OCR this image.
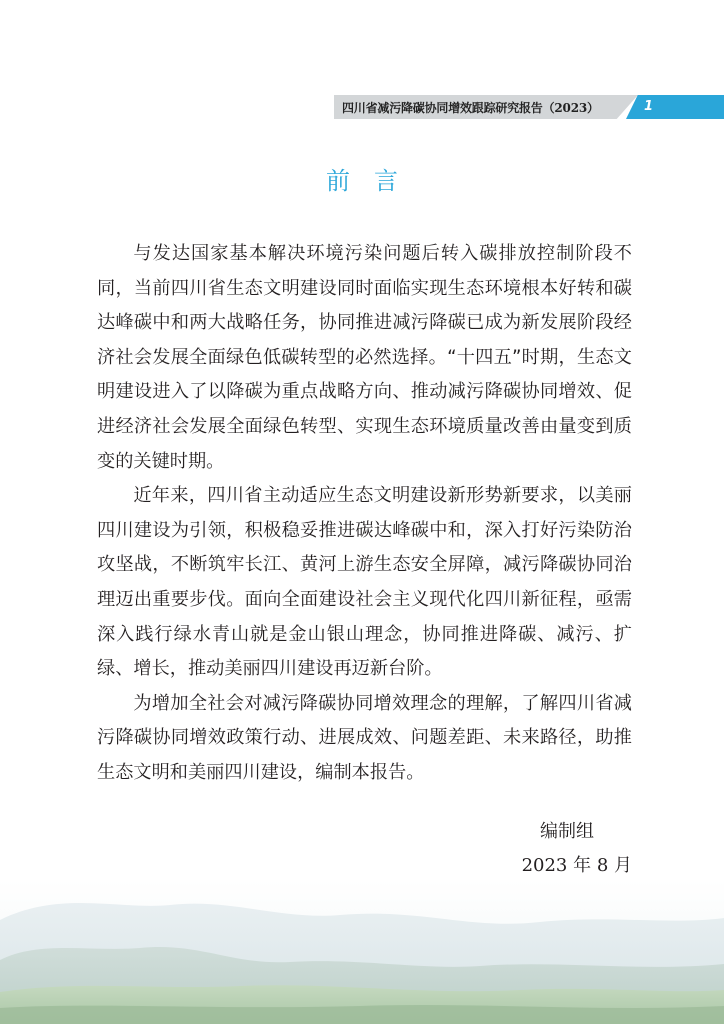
四川省减污降碳协同增效跟踪研究报告（2023）	1
前言

与发达国家基本解决环境污染问题后转入碳排放控制阶段不同，当前四川省生态文明建设同时面临实现生态环境根本好转和碳达峰碳中和两大战略任务，协同推进减污降碳已成为新发展阶段经济社会发展全面绿色低碳转型的必然选择。“十四五”时期，生态文明建设进入了以降碳为重点战略方向、推动减污降碳协同增效、促进经济社会发展全面绿色转型、实现生态环境质量改善由量变到质变的关键时期。

近年来，四川省主动适应生态文明建设新形势新要求，以美丽四川建设为引领，积极稳妥推进碳达峰碳中和，深入打好污染防治攻坚战，不断筑牢长江、黄河上游生态安全屏障，减污降碳协同治理迈出重要步伐。面向全面建设社会主义现代化四川新征程，亟需深入践行绿水青山就是金山银山理念，协同推进降碳、减污、扩绿、增长，推动美丽四川建设再迈新台阶。

为增加全社会对减污降碳协同增效理念的理解，了解四川省减污降碳协同增效政策行动、进展成效、问题差距、未来路径，助推生态文明和美丽四川建设，编制本报告。

编制组
2023 年 8 月
